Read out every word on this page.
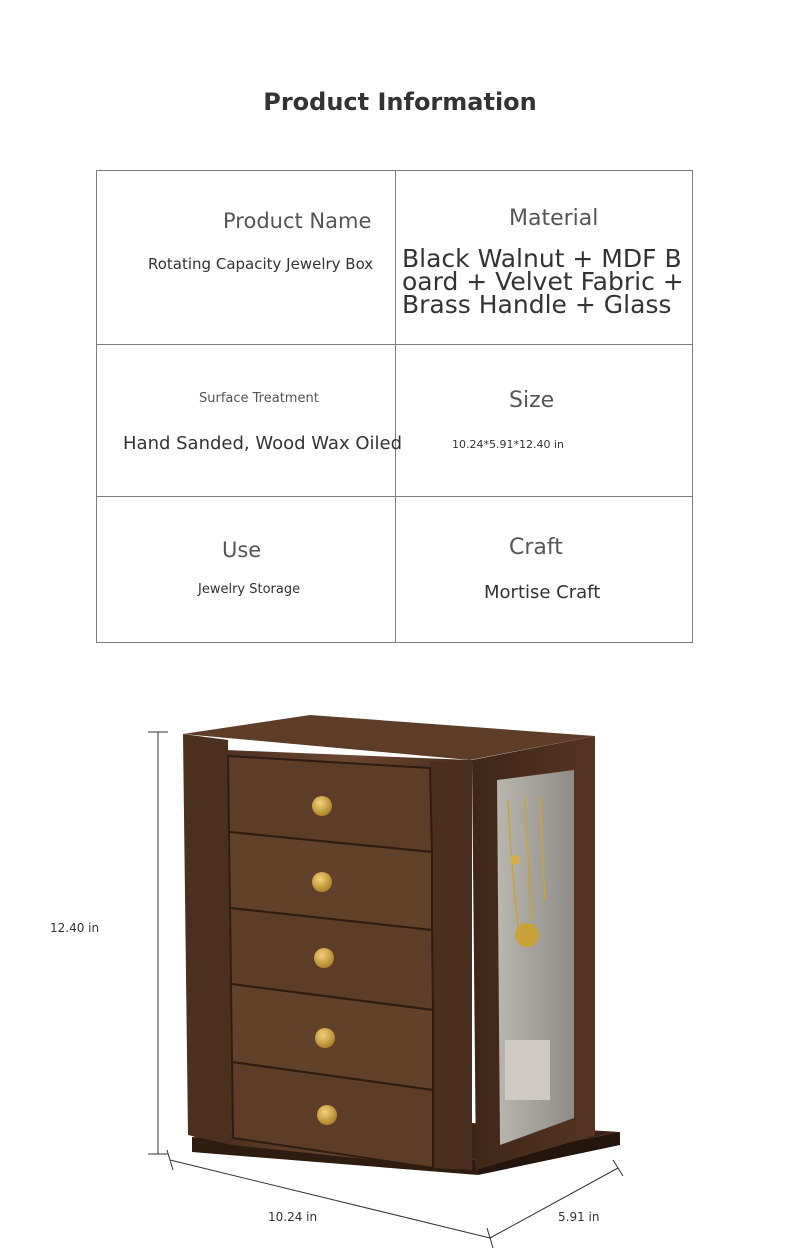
Product Information
Product Name
Rotating Capacity Jewelry Box
Material
Black Walnut + MDF Board + Velvet Fabric + Brass Handle + Glass
Surface Treatment
Hand Sanded, Wood Wax Oiled
Size
10.24*5.91*12.40 in
Use
Jewelry Storage
Craft
Mortise Craft
12.40 in
10.24 in	5.91 in
